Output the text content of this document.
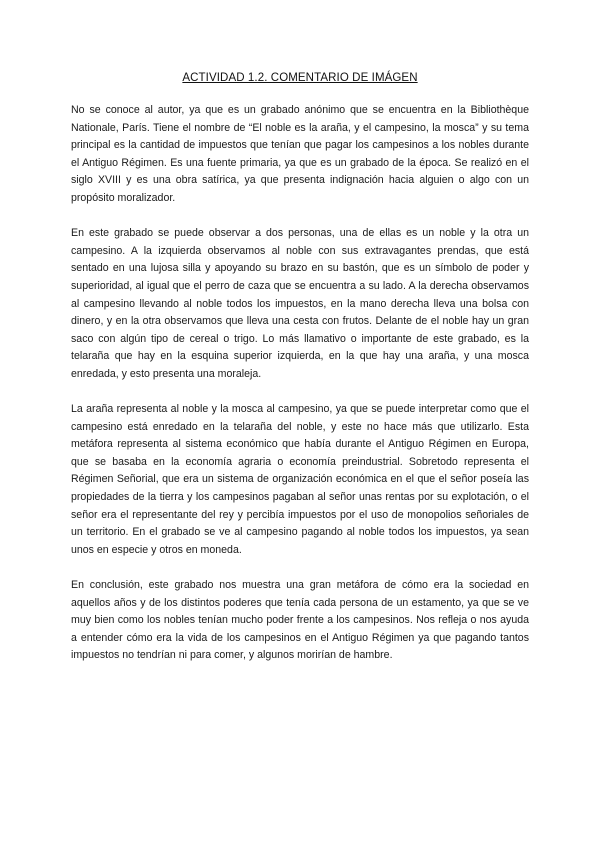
ACTIVIDAD 1.2. COMENTARIO DE IMÁGEN

No se conoce al autor, ya que es un grabado anónimo que se encuentra en la Bibliothèque Nationale, París. Tiene el nombre de “El noble es la araña, y el campesino, la mosca” y su tema principal es la cantidad de impuestos que tenían que pagar los campesinos a los nobles durante el Antiguo Régimen. Es una fuente primaria, ya que es un grabado de la época. Se realizó en el siglo XVIII y es una obra satírica, ya que presenta indignación hacia alguien o algo con un propósito moralizador.

En este grabado se puede observar a dos personas, una de ellas es un noble y la otra un campesino. A la izquierda observamos al noble con sus extravagantes prendas, que está sentado en una lujosa silla y apoyando su brazo en su bastón, que es un símbolo de poder y superioridad, al igual que el perro de caza que se encuentra a su lado. A la derecha observamos al campesino llevando al noble todos los impuestos, en la mano derecha lleva una bolsa con dinero, y en la otra observamos que lleva una cesta con frutos. Delante de el noble hay un gran saco con algún tipo de cereal o trigo. Lo más llamativo o importante de este grabado, es la telaraña que hay en la esquina superior izquierda, en la que hay una araña, y una mosca enredada, y esto presenta una moraleja.

La araña representa al noble y la mosca al campesino, ya que se puede interpretar como que el campesino está enredado en la telaraña del noble, y este no hace más que utilizarlo. Esta metáfora representa al sistema económico que había durante el Antiguo Régimen en Europa, que se basaba en la economía agraria o economía preindustrial. Sobretodo representa el Régimen Señorial, que era un sistema de organización económica en el que el señor poseía las propiedades de la tierra y los campesinos pagaban al señor unas rentas por su explotación, o el señor era el representante del rey y percibía impuestos por el uso de monopolios señoriales de un territorio. En el grabado se ve al campesino pagando al noble todos los impuestos, ya sean unos en especie y otros en moneda.

En conclusión, este grabado nos muestra una gran metáfora de cómo era la sociedad en aquellos años y de los distintos poderes que tenía cada persona de un estamento, ya que se ve muy bien como los nobles tenían mucho poder frente a los campesinos. Nos refleja o nos ayuda a entender cómo era la vida de los campesinos en el Antiguo Régimen ya que pagando tantos impuestos no tendrían ni para comer, y algunos morirían de hambre.
